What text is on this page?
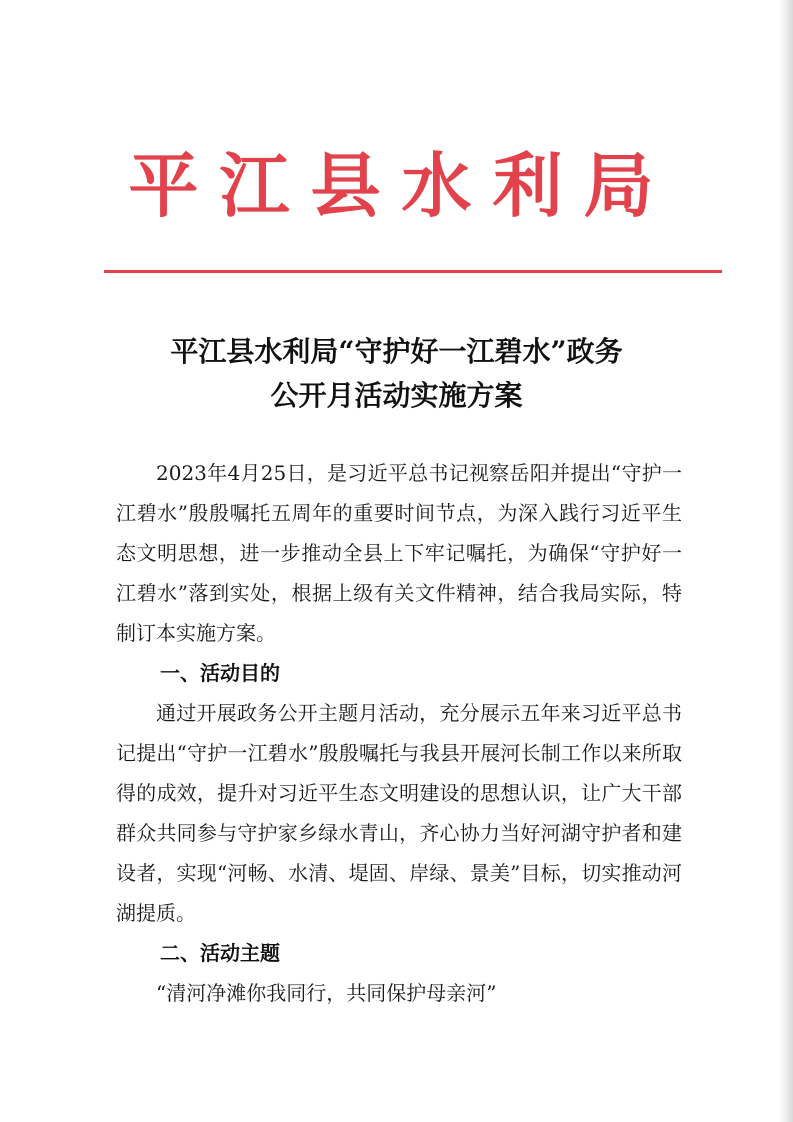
平江县水利局
平江县水利局“守护好一江碧水”政务
公开月活动实施方案

2023年4月25日，是习近平总书记视察岳阳并提出“守护一江碧水”殷殷嘱托五周年的重要时间节点，为深入践行习近平生态文明思想，进一步推动全县上下牢记嘱托，为确保“守护好一江碧水”落到实处，根据上级有关文件精神，结合我局实际，特制订本实施方案。

一、活动目的

通过开展政务公开主题月活动，充分展示五年来习近平总书记提出“守护一江碧水”殷殷嘱托与我县开展河长制工作以来所取得的成效，提升对习近平生态文明建设的思想认识，让广大干部群众共同参与守护家乡绿水青山，齐心协力当好河湖守护者和建设者，实现“河畅、水清、堤固、岸绿、景美”目标，切实推动河湖提质。

二、活动主题

“清河净滩你我同行，共同保护母亲河”
